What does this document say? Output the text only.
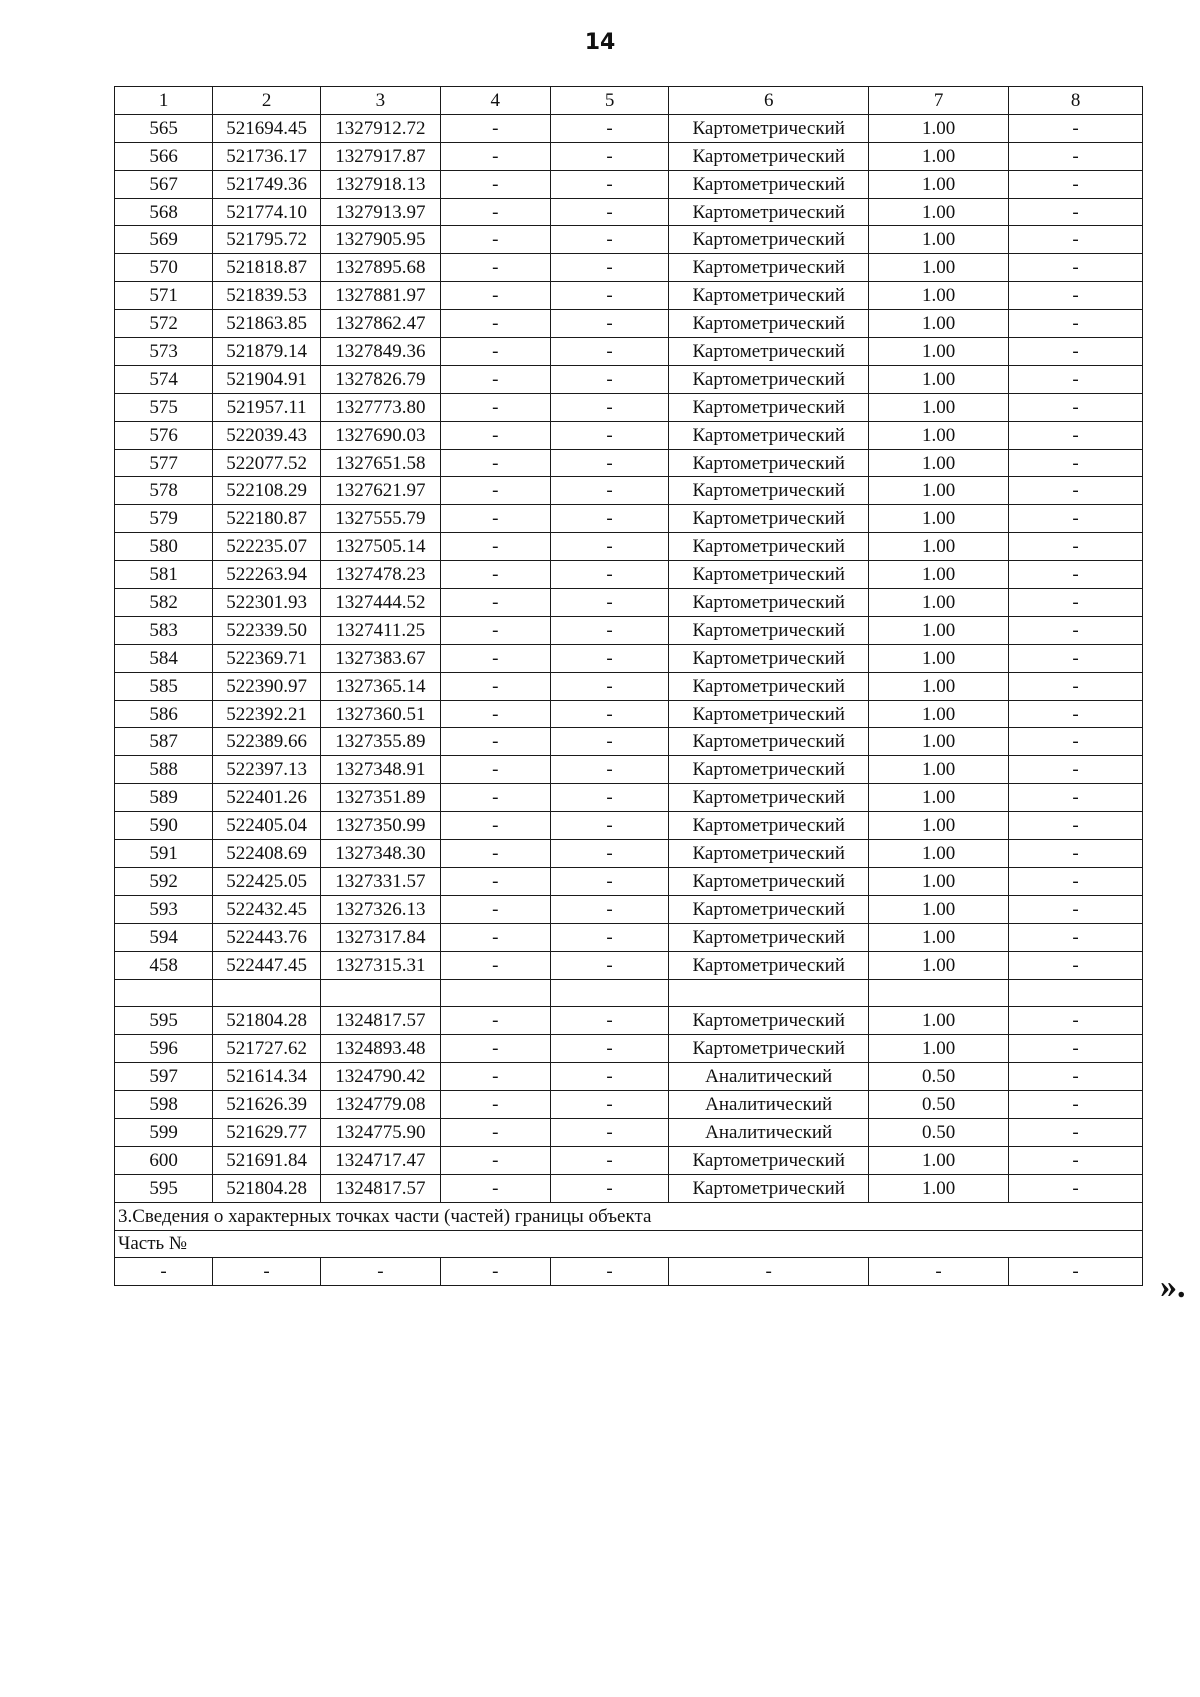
14
1	2	3	4	5	6	7	8
565	521694.45	1327912.72	-	-	Картометрический	1.00	-
566	521736.17	1327917.87	-	-	Картометрический	1.00	-
567	521749.36	1327918.13	-	-	Картометрический	1.00	-
568	521774.10	1327913.97	-	-	Картометрический	1.00	-
569	521795.72	1327905.95	-	-	Картометрический	1.00	-
570	521818.87	1327895.68	-	-	Картометрический	1.00	-
571	521839.53	1327881.97	-	-	Картометрический	1.00	-
572	521863.85	1327862.47	-	-	Картометрический	1.00	-
573	521879.14	1327849.36	-	-	Картометрический	1.00	-
574	521904.91	1327826.79	-	-	Картометрический	1.00	-
575	521957.11	1327773.80	-	-	Картометрический	1.00	-
576	522039.43	1327690.03	-	-	Картометрический	1.00	-
577	522077.52	1327651.58	-	-	Картометрический	1.00	-
578	522108.29	1327621.97	-	-	Картометрический	1.00	-
579	522180.87	1327555.79	-	-	Картометрический	1.00	-
580	522235.07	1327505.14	-	-	Картометрический	1.00	-
581	522263.94	1327478.23	-	-	Картометрический	1.00	-
582	522301.93	1327444.52	-	-	Картометрический	1.00	-
583	522339.50	1327411.25	-	-	Картометрический	1.00	-
584	522369.71	1327383.67	-	-	Картометрический	1.00	-
585	522390.97	1327365.14	-	-	Картометрический	1.00	-
586	522392.21	1327360.51	-	-	Картометрический	1.00	-
587	522389.66	1327355.89	-	-	Картометрический	1.00	-
588	522397.13	1327348.91	-	-	Картометрический	1.00	-
589	522401.26	1327351.89	-	-	Картометрический	1.00	-
590	522405.04	1327350.99	-	-	Картометрический	1.00	-
591	522408.69	1327348.30	-	-	Картометрический	1.00	-
592	522425.05	1327331.57	-	-	Картометрический	1.00	-
593	522432.45	1327326.13	-	-	Картометрический	1.00	-
594	522443.76	1327317.84	-	-	Картометрический	1.00	-
458	522447.45	1327315.31	-	-	Картометрический	1.00	-

595	521804.28	1324817.57	-	-	Картометрический	1.00	-
596	521727.62	1324893.48	-	-	Картометрический	1.00	-
597	521614.34	1324790.42	-	-	Аналитический	0.50	-
598	521626.39	1324779.08	-	-	Аналитический	0.50	-
599	521629.77	1324775.90	-	-	Аналитический	0.50	-
600	521691.84	1324717.47	-	-	Картометрический	1.00	-
595	521804.28	1324817.57	-	-	Картометрический	1.00	-
3.Сведения о характерных точках части (частей) границы объекта							
Часть №							
-	-	-	-	-	-	-	- ».
